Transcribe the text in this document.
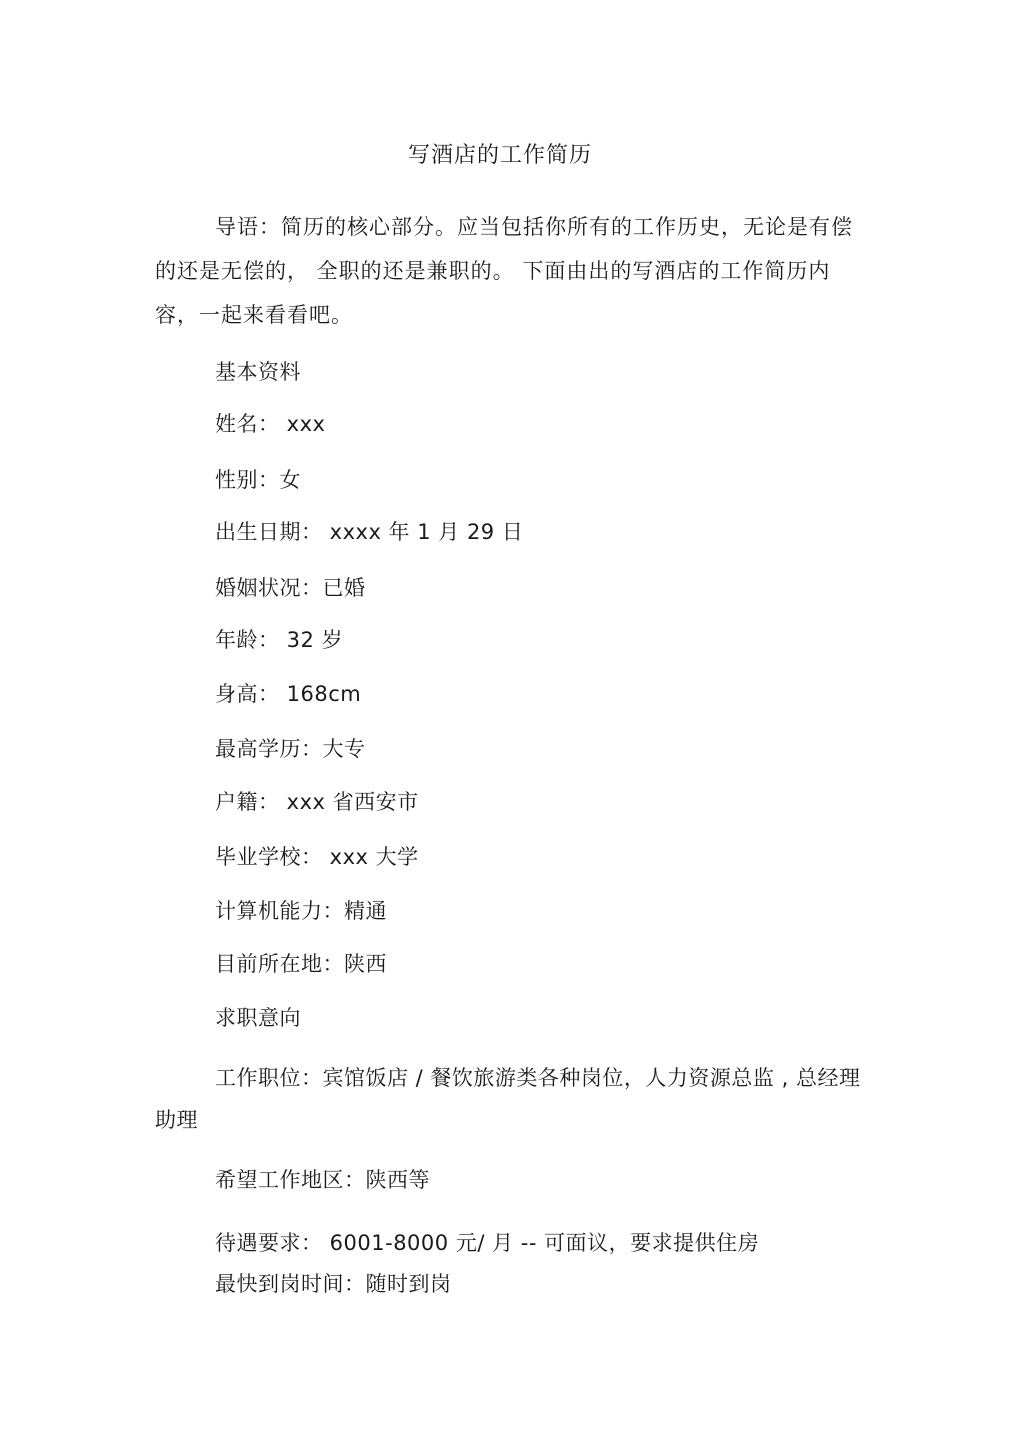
写酒店的工作简历
导语：简历的核心部分。应当包括你所有的工作历史，无论是有偿的还是无偿的， 全职的还是兼职的。 下面由出的写酒店的工作简历内容，一起来看看吧。
基本资料
姓名： xxx
性别：女
出生日期： xxxx 年 1 月 29 日
婚姻状况：已婚
年龄： 32 岁
身高： 168cm
最高学历：大专
户籍： xxx 省西安市
毕业学校： xxx 大学
计算机能力：精通
目前所在地：陕西
求职意向
工作职位：宾馆饭店 / 餐饮旅游类各种岗位，人力资源总监 , 总经理助理
希望工作地区：陕西等
待遇要求： 6001-8000 元/ 月 -- 可面议，要求提供住房
最快到岗时间：随时到岗
